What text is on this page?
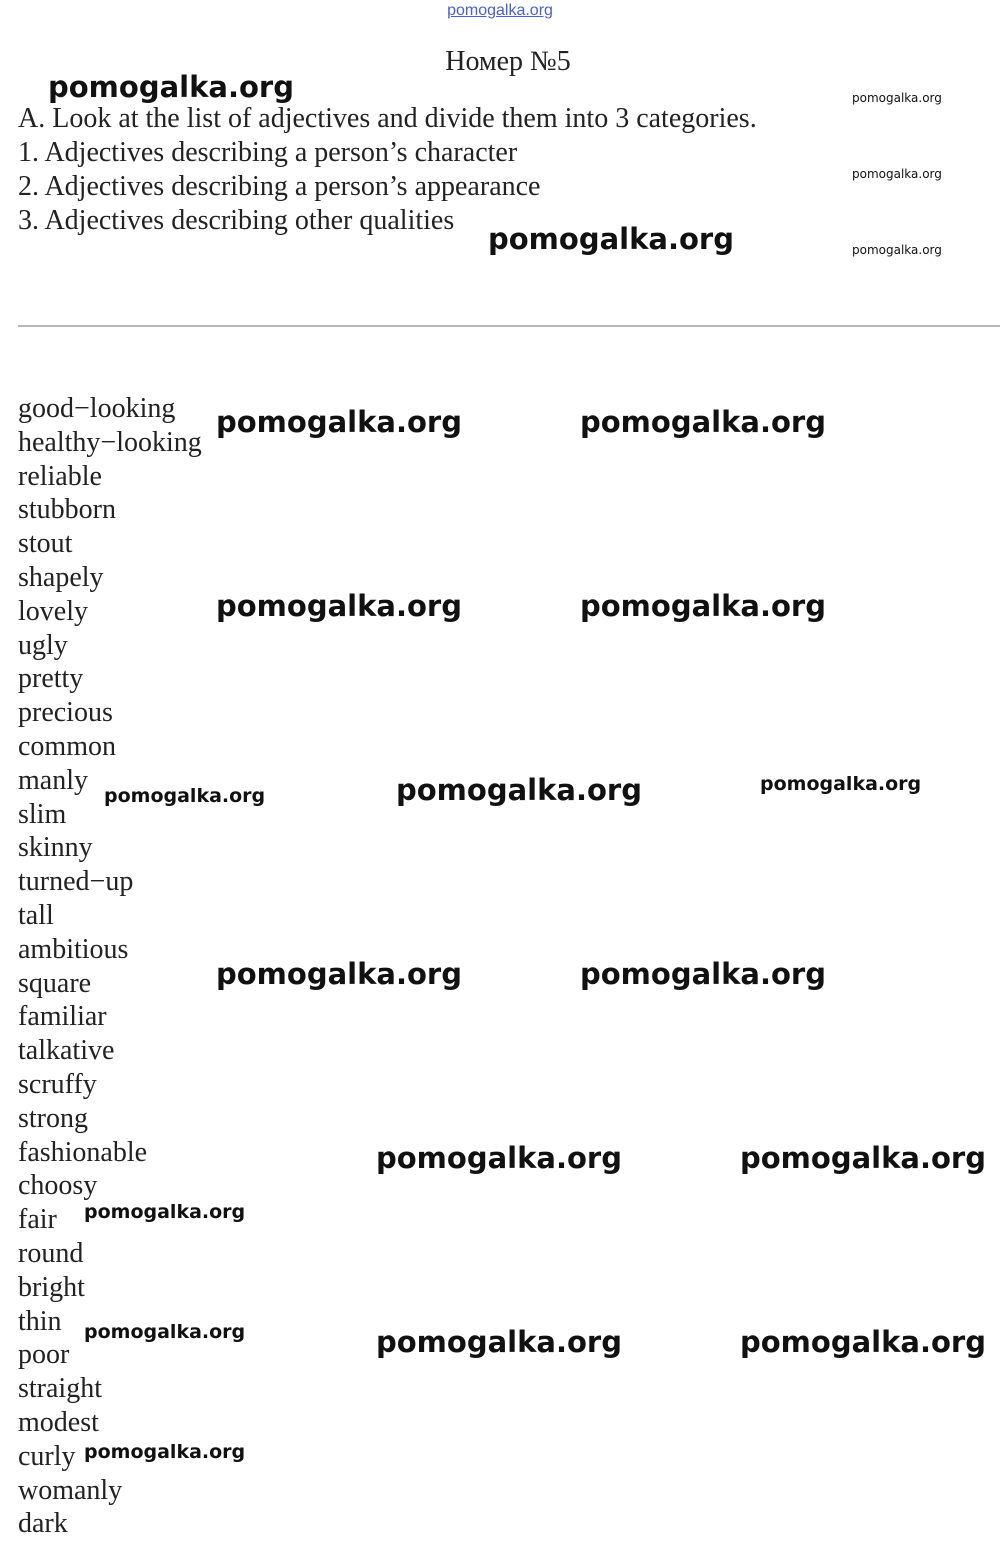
pomogalka.org
Номер №5
A. Look at the list of adjectives and divide them into 3 categories.
1. Adjectives describing a person’s character
2. Adjectives describing a person’s appearance
3. Adjectives describing other qualities
good−looking
healthy−looking
reliable
stubborn
stout
shapely
lovely
ugly
pretty
precious
common
manly
slim
skinny
turned−up
tall
ambitious
square
familiar
talkative
scruffy
strong
fashionable
choosy
fair
round
bright
thin
poor
straight
modest
curly
womanly
dark
pomogalka.org	pomogalka.org
pomogalka.org
pomogalka.org	pomogalka.org
pomogalka.org	pomogalka.org
pomogalka.org	pomogalka.org
pomogalka.org	pomogalka.org	pomogalka.org
pomogalka.org	pomogalka.org
pomogalka.org	pomogalka.org
pomogalka.org
pomogalka.org	pomogalka.org	pomogalka.org
pomogalka.org
